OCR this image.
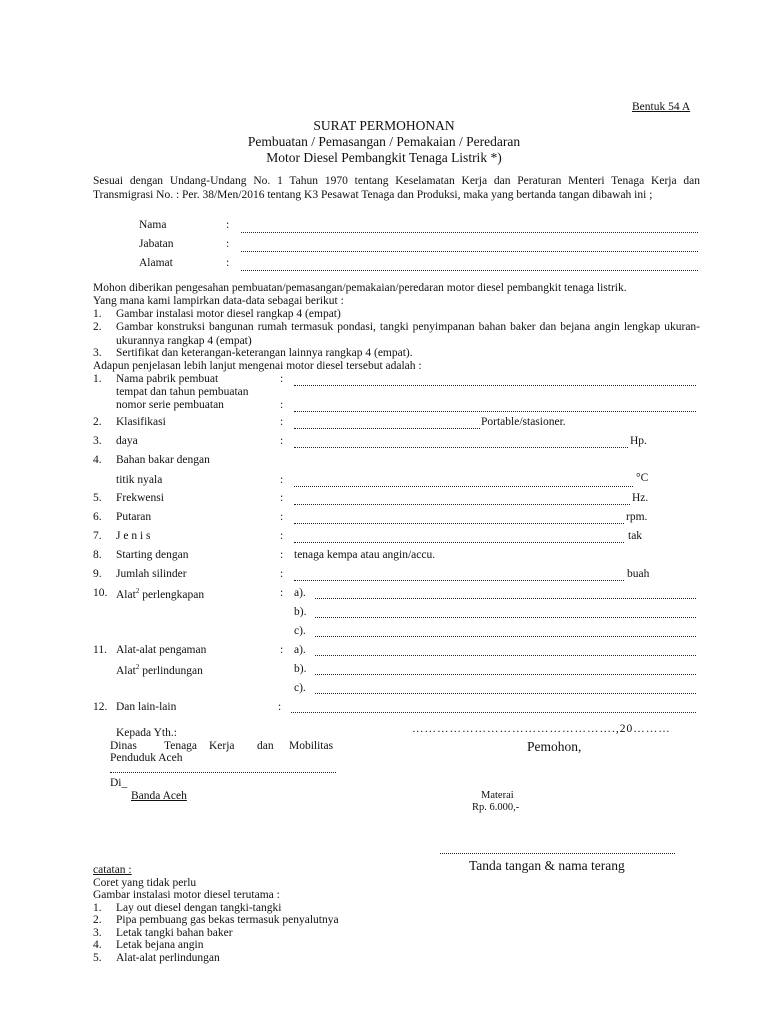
Bentuk 54 A
SURAT PERMOHONAN
Pembuatan / Pemasangan / Pemakaian / Peredaran
Motor Diesel Pembangkit Tenaga Listrik *)
Sesuai dengan Undang-Undang No. 1 Tahun 1970 tentang Keselamatan Kerja dan Peraturan Menteri Tenaga Kerja dan Transmigrasi No. : Per. 38/Men/2016 tentang K3 Pesawat Tenaga dan Produksi, maka yang bertanda tangan dibawah ini ;
Nama	:
Jabatan	:
Alamat	:
Mohon diberikan pengesahan pembuatan/pemasangan/pemakaian/peredaran motor diesel pembangkit tenaga listrik.
Yang mana kami lampirkan data-data sebagai berikut :
1. Gambar instalasi motor diesel rangkap 4 (empat)
2. Gambar konstruksi bangunan rumah termasuk pondasi, tangki penyimpanan bahan baker dan bejana angin lengkap ukuran-ukurannya rangkap 4 (empat)
3. Sertifikat dan keterangan-keterangan lainnya rangkap 4 (empat).
Adapun penjelasan lebih lanjut mengenai motor diesel tersebut adalah :
1. Nama pabrik pembuat	:
tempat dan tahun pembuatan
nomor serie pembuatan	:
2. Klasifikasi	:	Portable/stasioner.
3. daya	:	Hp.
4. Bahan bakar dengan
titik nyala	:	°C
5. Frekwensi	:	Hz.
6. Putaran	:	rpm.
7. J e n i s	:	tak
8. Starting dengan	: tenaga kempa atau angin/accu.
9. Jumlah silinder	:	buah
10. Alat$^2$ perlengkapan	: a).
b).
c).
11. Alat-alat pengaman	: a).
Alat$^2$ perlindungan	b).
c).
12. Dan lain-lain	:
Kepada Yth.:
Dinas Tenaga Kerja dan Mobilitas
Penduduk Aceh
Di_
Banda Aceh
………………………………………….,20………
Pemohon,
Materai
Rp. 6.000,-
Tanda tangan & nama terang
catatan :
Coret yang tidak perlu
Gambar instalasi motor diesel terutama :
1. Lay out diesel dengan tangki-tangki
2. Pipa pembuang gas bekas termasuk penyalutnya
3. Letak tangki bahan baker
4. Letak bejana angin
5. Alat-alat perlindungan
